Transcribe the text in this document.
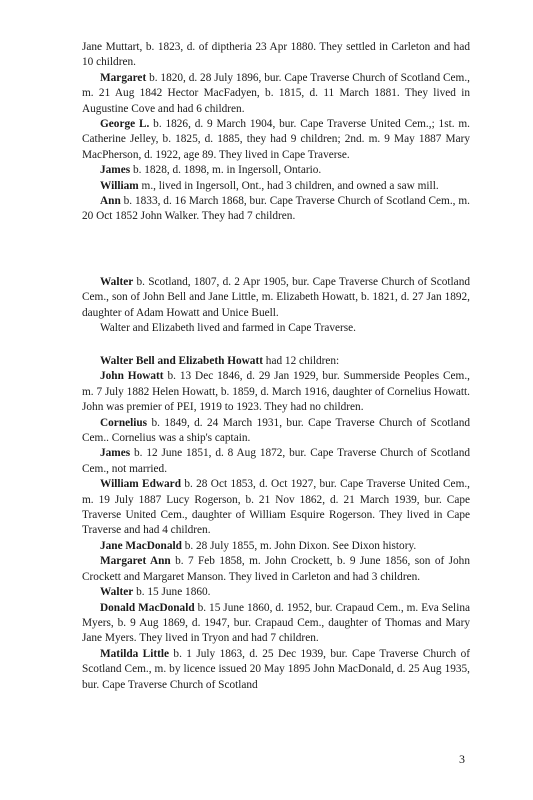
Jane Muttart, b. 1823, d. of diptheria 23 Apr 1880. They settled in Carleton and had 10 children.

Margaret b. 1820, d. 28 July 1896, bur. Cape Traverse Church of Scotland Cem., m. 21 Aug 1842 Hector MacFadyen, b. 1815, d. 11 March 1881. They lived in Augustine Cove and had 6 children.

George L. b. 1826, d. 9 March 1904, bur. Cape Traverse United Cem.,; 1st. m. Catherine Jelley, b. 1825, d. 1885, they had 9 children; 2nd. m. 9 May 1887 Mary MacPherson, d. 1922, age 89. They lived in Cape Traverse.

James b. 1828, d. 1898, m. in Ingersoll, Ontario.

William m., lived in Ingersoll, Ont., had 3 children, and owned a saw mill.

Ann b. 1833, d. 16 March 1868, bur. Cape Traverse Church of Scotland Cem., m. 20 Oct 1852 John Walker. They had 7 children.

Walter b. Scotland, 1807, d. 2 Apr 1905, bur. Cape Traverse Church of Scotland Cem., son of John Bell and Jane Little, m. Elizabeth Howatt, b. 1821, d. 27 Jan 1892, daughter of Adam Howatt and Unice Buell.

Walter and Elizabeth lived and farmed in Cape Traverse.

Walter Bell and Elizabeth Howatt had 12 children:

John Howatt b. 13 Dec 1846, d. 29 Jan 1929, bur. Summerside Peoples Cem., m. 7 July 1882 Helen Howatt, b. 1859, d. March 1916, daughter of Cornelius Howatt. John was premier of PEI, 1919 to 1923. They had no children.

Cornelius b. 1849, d. 24 March 1931, bur. Cape Traverse Church of Scotland Cem.. Cornelius was a ship's captain.

James b. 12 June 1851, d. 8 Aug 1872, bur. Cape Traverse Church of Scotland Cem., not married.

William Edward b. 28 Oct 1853, d. Oct 1927, bur. Cape Traverse United Cem., m. 19 July 1887 Lucy Rogerson, b. 21 Nov 1862, d. 21 March 1939, bur. Cape Traverse United Cem., daughter of William Esquire Rogerson. They lived in Cape Traverse and had 4 children.

Jane MacDonald b. 28 July 1855, m. John Dixon. See Dixon history.

Margaret Ann b. 7 Feb 1858, m. John Crockett, b. 9 June 1856, son of John Crockett and Margaret Manson. They lived in Carleton and had 3 children.

Walter b. 15 June 1860.

Donald MacDonald b. 15 June 1860, d. 1952, bur. Crapaud Cem., m. Eva Selina Myers, b. 9 Aug 1869, d. 1947, bur. Crapaud Cem., daughter of Thomas and Mary Jane Myers. They lived in Tryon and had 7 children.

Matilda Little b. 1 July 1863, d. 25 Dec 1939, bur. Cape Traverse Church of Scotland Cem., m. by licence issued 20 May 1895 John MacDonald, d. 25 Aug 1935, bur. Cape Traverse Church of Scotland

3
